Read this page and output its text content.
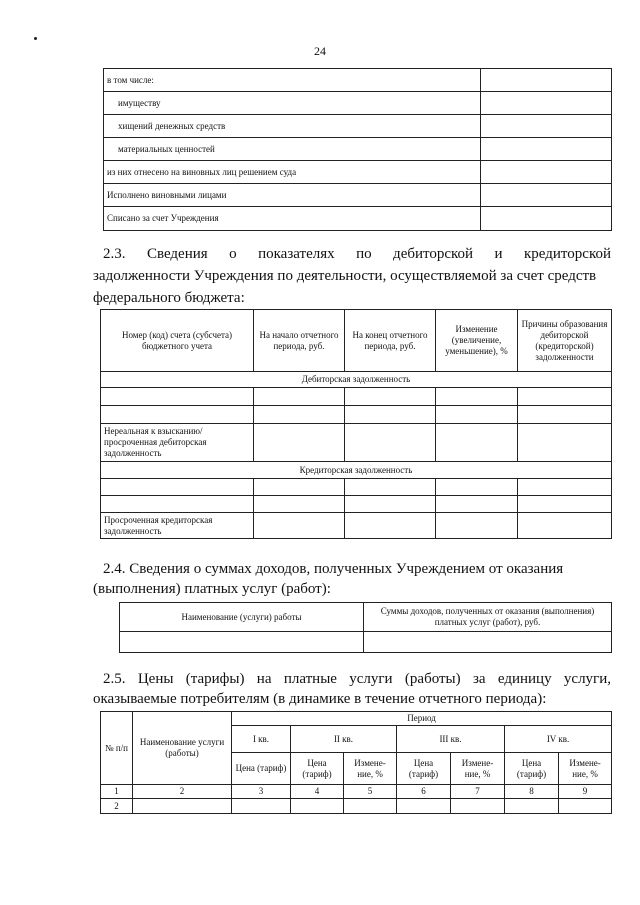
24
в том числе:	
имуществу	
хищений денежных средств	
материальных ценностей	
из них отнесено на виновных лиц решением суда	
Исполнено виновными лицами	
Списано за счет Учреждения	
2.3. Сведения о показателях по дебиторской и кредиторской
задолженности Учреждения по деятельности, осуществляемой за счет средств
федерального бюджета:
Номер (код) счета (субсчета) бюджетного учета	На начало отчетного периода, руб.	На конец отчетного периода, руб.	Изменение (увеличение, уменьшение), %	Причины образования дебиторской (кредиторской) задолженности
Дебиторская задолженность				

Нереальная к взысканию/просроченная дебиторская задолженность				
Кредиторская задолженность				

Просроченная кредиторская задолженность				
2.4. Сведения о суммах доходов, полученных Учреждением от оказания
(выполнения) платных услуг (работ):
Наименование (услуги) работы	Суммы доходов, полученных от оказания (выполнения) платных услуг (работ), руб.

2.5. Цены (тарифы) на платные услуги (работы) за единицу услуги,
оказываемые потребителям (в динамике в течение отчетного периода):
№ п/п	Наименование услуги (работы)	Период						
		I кв.	II кв.		III кв.		IV кв.	
		Цена (тариф)	Цена (тариф)	Измене-ние, %	Цена (тариф)	Измене-ние, %	Цена (тариф)	Измене-ние, %
1	2	3	4	5	6	7	8	9
2								
